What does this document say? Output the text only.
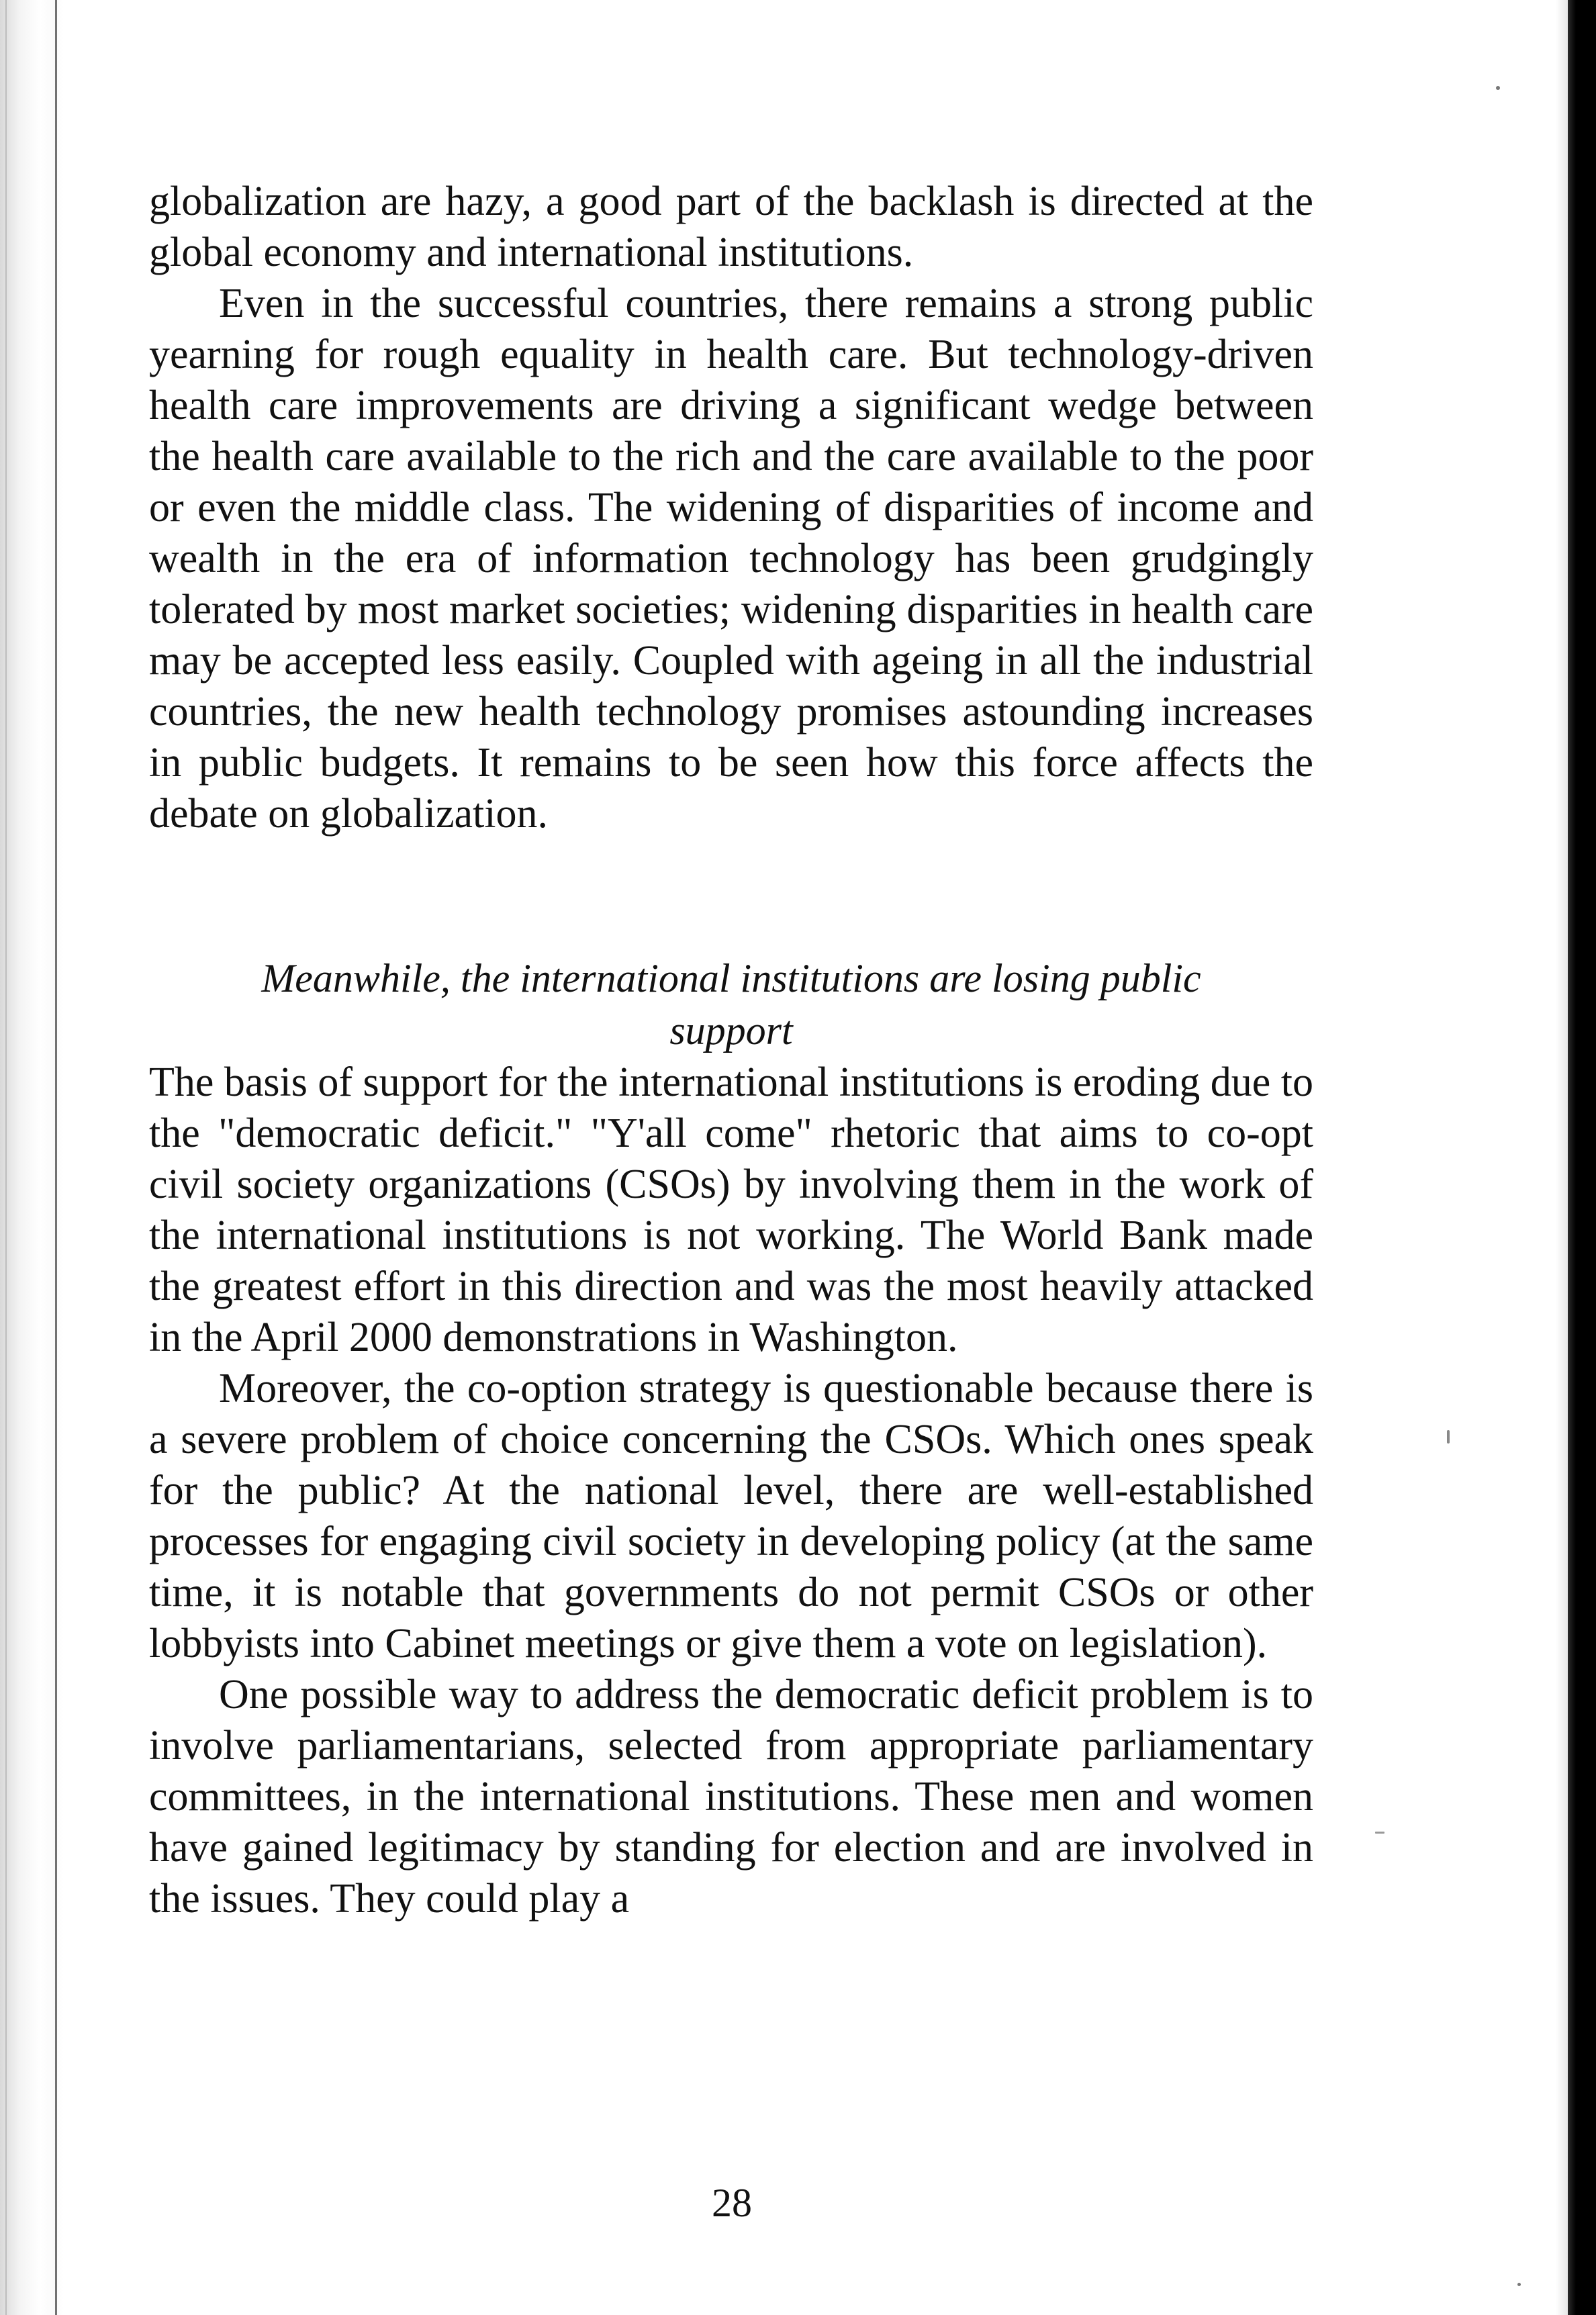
globalization are hazy, a good part of the backlash is directed at the global economy and international institutions.

Even in the successful countries, there remains a strong public yearning for rough equality in health care. But technology-driven health care improvements are driving a significant wedge between the health care available to the rich and the care available to the poor or even the middle class. The widening of disparities of income and wealth in the era of information technology has been grudgingly tolerated by most market societies; widening disparities in health care may be accepted less easily. Coupled with ageing in all the industrial countries, the new health technology promises astounding increases in public budgets. It remains to be seen how this force affects the debate on globalization.

Meanwhile, the international institutions are losing public support

The basis of support for the international institutions is eroding due to the "democratic deficit." "Y'all come" rhetoric that aims to co-opt civil society organizations (CSOs) by involving them in the work of the international institutions is not working. The World Bank made the greatest effort in this direction and was the most heavily attacked in the April 2000 demonstrations in Washington.

Moreover, the co-option strategy is questionable because there is a severe problem of choice concerning the CSOs. Which ones speak for the public? At the national level, there are well-established processes for engaging civil society in developing policy (at the same time, it is notable that governments do not permit CSOs or other lobbyists into Cabinet meetings or give them a vote on legislation).

One possible way to address the democratic deficit problem is to involve parliamentarians, selected from appropriate parliamentary committees, in the international institutions. These men and women have gained legitimacy by standing for election and are involved in the issues. They could play a

28
